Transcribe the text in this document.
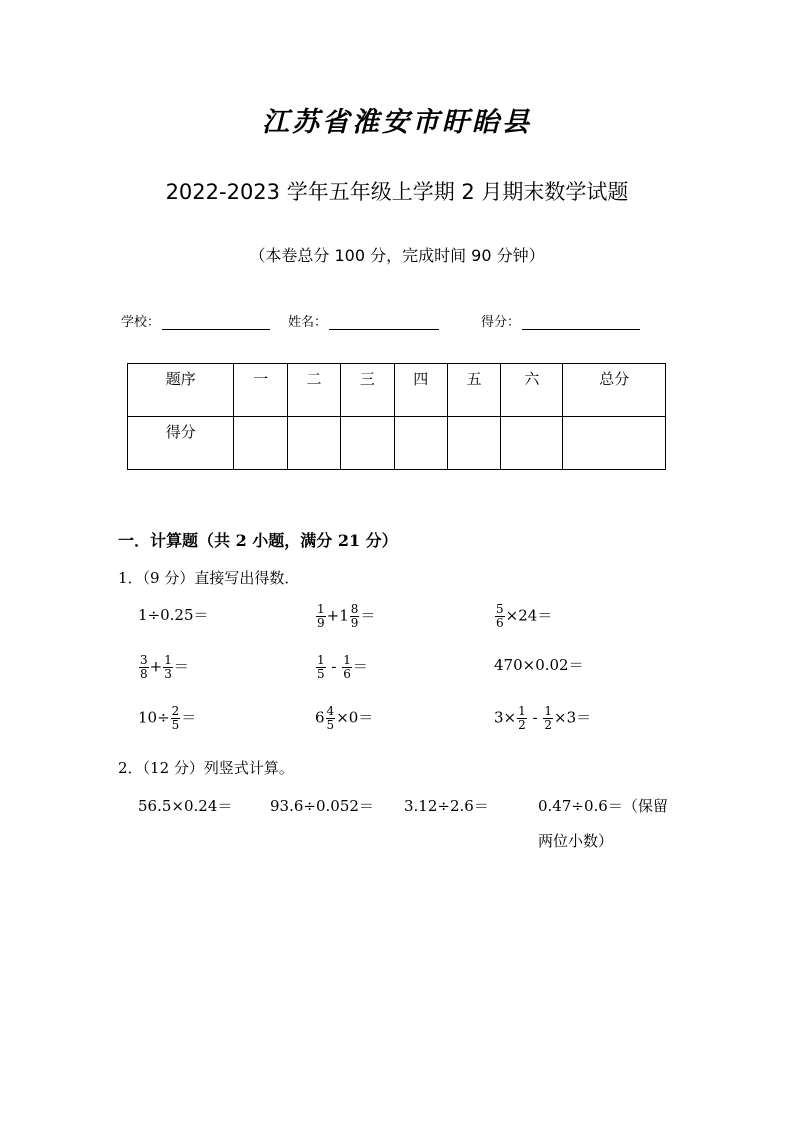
江苏省淮安市盱眙县
2022-2023 学年五年级上学期 2 月期末数学试题
（本卷总分 100 分，完成时间 90 分钟）
学校：	姓名：	得分：
题序	一	二	三	四	五	六	总分
得分							
一．计算题（共 2 小题，满分 21 分）
1．（9 分）直接写出得数．
1÷0.25＝	$\frac{1}{9} +1 \frac{8}{9}$ ＝	$\frac{5}{6} \times 24=$
$\frac{3}{8} + \frac{1}{3}$ ＝	$\frac{1}{5} - \frac{1}{6}$ ＝	470×0.02＝
$10\div \frac{2}{5}$ ＝	$6 \frac{4}{5} \times 0=$	$3\times \frac{1}{2} - \frac{1}{2} \times 3=$
2．（12 分）列竖式计算。
56.5×0.24＝	93.6÷0.052＝ 3.12÷2.6＝	0.47÷0.6＝（保留
两位小数）
